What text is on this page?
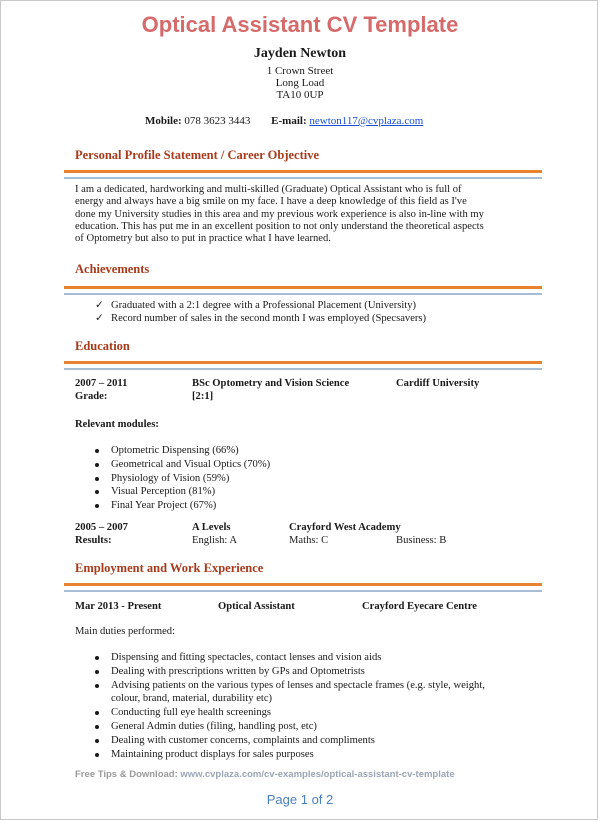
Optical Assistant CV Template
Jayden Newton
1 Crown Street
Long Load
TA10 0UP
Mobile: 078 3623 3443 E-mail: newton117@cvplaza.com
Personal Profile Statement / Career Objective
I am a dedicated, hardworking and multi-skilled (Graduate) Optical Assistant who is full of
energy and always have a big smile on my face. I have a deep knowledge of this field as I've
done my University studies in this area and my previous work experience is also in-line with my
education. This has put me in an excellent position to not only understand the theoretical aspects
of Optometry but also to put in practice what I have learned.
Achievements
✓ Graduated with a 2:1 degree with a Professional Placement (University)
✓ Record number of sales in the second month I was employed (Specsavers)
Education
2007 – 2011	BSc Optometry and Vision Science	Cardiff University
Grade:	[2:1]
Relevant modules:
Optometric Dispensing (66%)
Geometrical and Visual Optics (70%)
Physiology of Vision (59%)
Visual Perception (81%)
Final Year Project (67%)
2005 – 2007	A Levels	Crayford West Academy
Results:	English: A	Maths: C	Business: B
Employment and Work Experience
Mar 2013 - Present	Optical Assistant	Crayford Eyecare Centre
Main duties performed:
Dispensing and fitting spectacles, contact lenses and vision aids
Dealing with prescriptions written by GPs and Optometrists
Advising patients on the various types of lenses and spectacle frames (e.g. style, weight,
colour, brand, material, durability etc)
Conducting full eye health screenings
General Admin duties (filing, handling post, etc)
Dealing with customer concerns, complaints and compliments
Maintaining product displays for sales purposes
Free Tips & Download: www.cvplaza.com/cv-examples/optical-assistant-cv-template
Page 1 of 2
